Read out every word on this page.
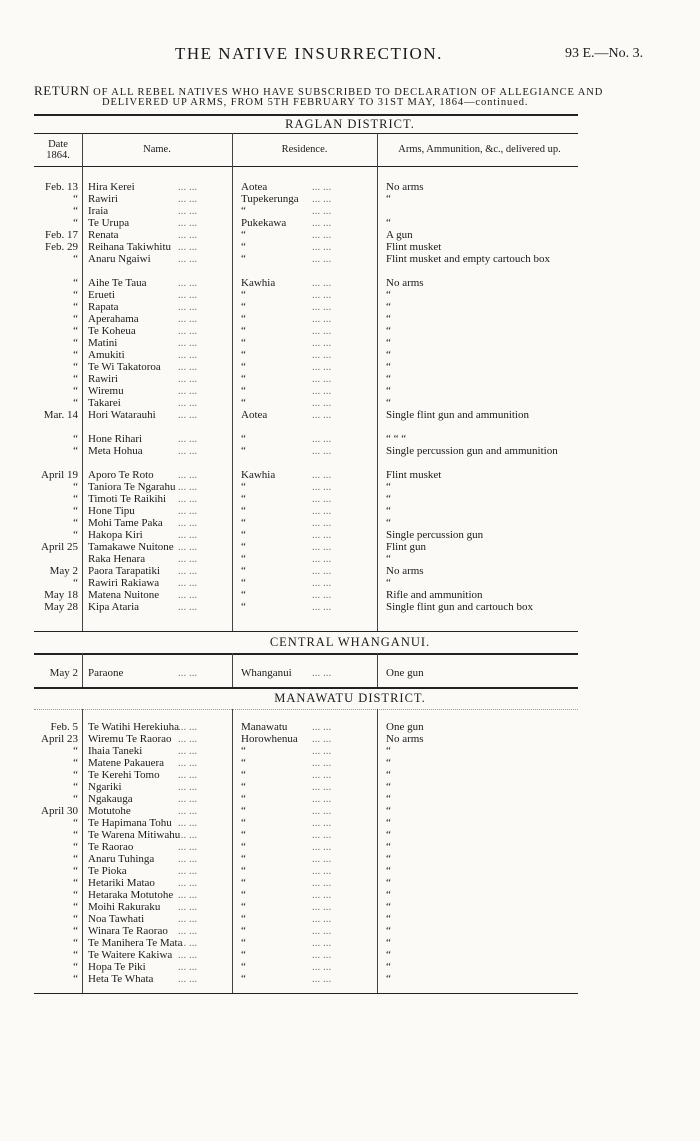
THE NATIVE INSURRECTION.	93 E.—No. 3.
RETURN OF ALL REBEL NATIVES WHO HAVE SUBSCRIBED TO DECLARATION OF ALLEGIANCE AND
DELIVERED UP ARMS, FROM 5TH FEBRUARY TO 31ST MAY, 1864—continued.
RAGLAN DISTRICT.
Date
1864.
Name.	Residence.	Arms, Ammunition, &c., delivered up.
Feb. 13 Hira Kerei	Aotea	No arms
... ...	... ...
“ Rawiri	Tupekerunga	“
... ...	... ...
“ Iraia	“
... ...	... ...
“ Te Urupa	Pukekawa	“
... ...	... ...
Feb. 17 Renata	“	A gun
... ...	... ...
Feb. 29 Reihana Takiwhitu	“	Flint musket
... ...	... ...
“ Anaru Ngaiwi	“	Flint musket and empty cartouch box
... ...	... ...
“ Aihe Te Taua	Kawhia	No arms
... ...	... ...
“ Erueti	“	“
... ...	... ...
“ Rapata	“	“
... ...	... ...
“ Aperahama	“	“
... ...	... ...
“ Te Koheua	“	“
... ...	... ...
“ Matini	“	“
... ...	... ...
“ Amukiti	“	“
... ...	... ...
“ Te Wi Takatoroa	“	“
... ...	... ...
“ Rawiri	“	“
... ...	... ...
“ Wiremu	“	“
... ...	... ...
“ Takarei	“	“
... ...	... ...
Mar. 14 Hori Watarauhi	Aotea	Single flint gun and ammunition
... ...	... ...
“ Hone Rihari	“	“ “ “
... ...	... ...
“ Meta Hohua	“	Single percussion gun and ammunition
... ...	... ...
April 19 Aporo Te Roto	Kawhia	Flint musket
... ...	... ...
“ Taniora Te Ngarahu	“	“
... ...	... ...
“ Timoti Te Raikihi	“	“
... ...	... ...
“ Hone Tipu	“	“
... ...	... ...
“ Mohi Tame Paka	“	“
... ...	... ...
“ Hakopa Kiri	“	Single percussion gun
... ...	... ...
April 25 Tamakawe Nuitone	“	Flint gun
... ...	... ...
Raka Henara	“	“
... ...	... ...
May 2 Paora Tarapatiki	“	No arms
... ...	... ...
“ Rawiri Rakiawa	“	“
... ...	... ...
May 18 Matena Nuitone	“	Rifle and ammunition
... ...	... ...
May 28 Kipa Ataria	“	Single flint gun and cartouch box
... ...	... ...
CENTRAL WHANGANUI.
May 2 Paraone	Whanganui	One gun
... ...	... ...
MANAWATU DISTRICT.
Feb. 5 Te Watihi Herekiuha	Manawatu	One gun
... ...	... ...
April 23 Wiremu Te Raorao	Horowhenua	No arms
... ...	... ...
“ Ihaia Taneki	“	“
... ...	... ...
“ Matene Pakauera	“	“
... ...	... ...
“ Te Kerehi Tomo	“	“
... ...	... ...
“ Ngariki	“	“
... ...	... ...
“ Ngakauga	“	“
... ...	... ...
April 30 Motutohe	“	“
... ...	... ...
“ Te Hapimana Tohu	“	“
... ...	... ...
“ Te Warena Mitiwahu	“	“
... ...	... ...
“ Te Raorao	“	“
... ...	... ...
“ Anaru Tuhinga	“	“
... ...	... ...
“ Te Pioka	“	“
... ...	... ...
“ Hetariki Matao	“	“
... ...	... ...
“ Hetaraka Motutohe	“	“
... ...	... ...
“ Moihi Rakuraku	“	“
... ...	... ...
“ Noa Tawhati	“	“
... ...	... ...
“ Winara Te Raorao	“	“
... ...	... ...
“ Te Manihera Te Mata	“	“
... ...	... ...
“ Te Waitere Kakiwa	“	“
... ...	... ...
“ Hopa Te Piki	“	“
... ...	... ...
“ Heta Te Whata	“	“
... ...	... ...
